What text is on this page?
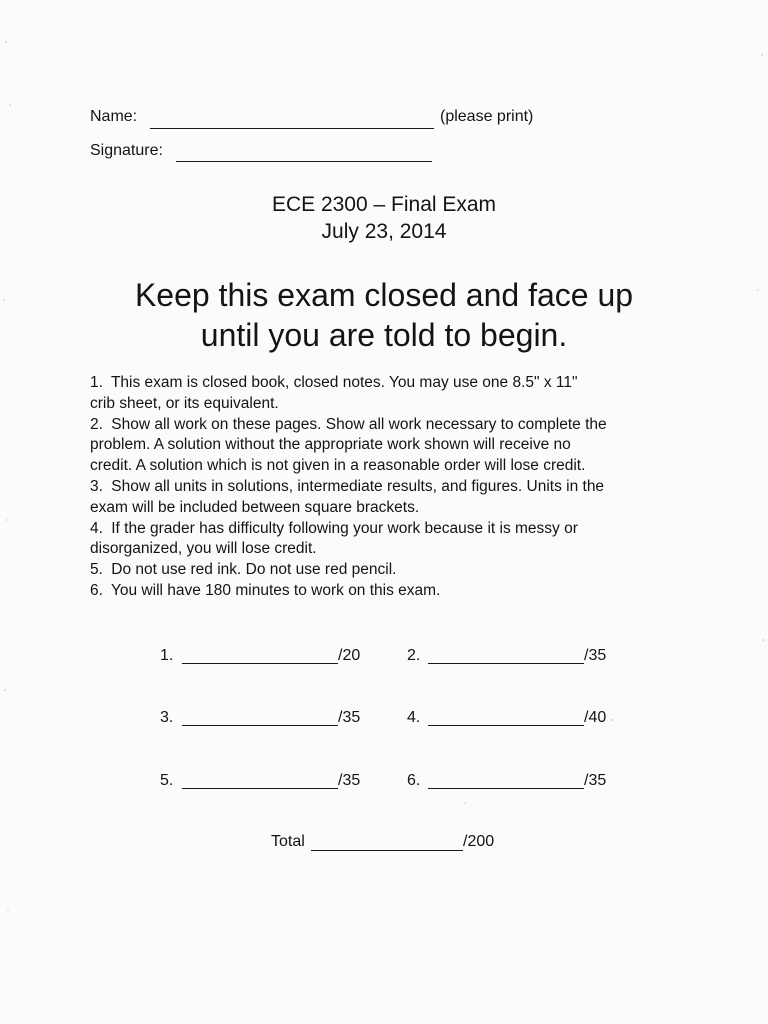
Name:	(please print)
Signature:
ECE 2300 – Final Exam
July 23, 2014
Keep this exam closed and face up
until you are told to begin.
1. This exam is closed book, closed notes. You may use one 8.5" x 11"
crib sheet, or its equivalent.
2. Show all work on these pages. Show all work necessary to complete the
problem. A solution without the appropriate work shown will receive no
credit. A solution which is not given in a reasonable order will lose credit.
3. Show all units in solutions, intermediate results, and figures. Units in the
exam will be included between square brackets.
4. If the grader has difficulty following your work because it is messy or
disorganized, you will lose credit.
5. Do not use red ink. Do not use red pencil.
6. You will have 180 minutes to work on this exam.
1.	/20	2.	/35
3.	/35	4.	/40
5.	/35	6.	/35
Total	/200
